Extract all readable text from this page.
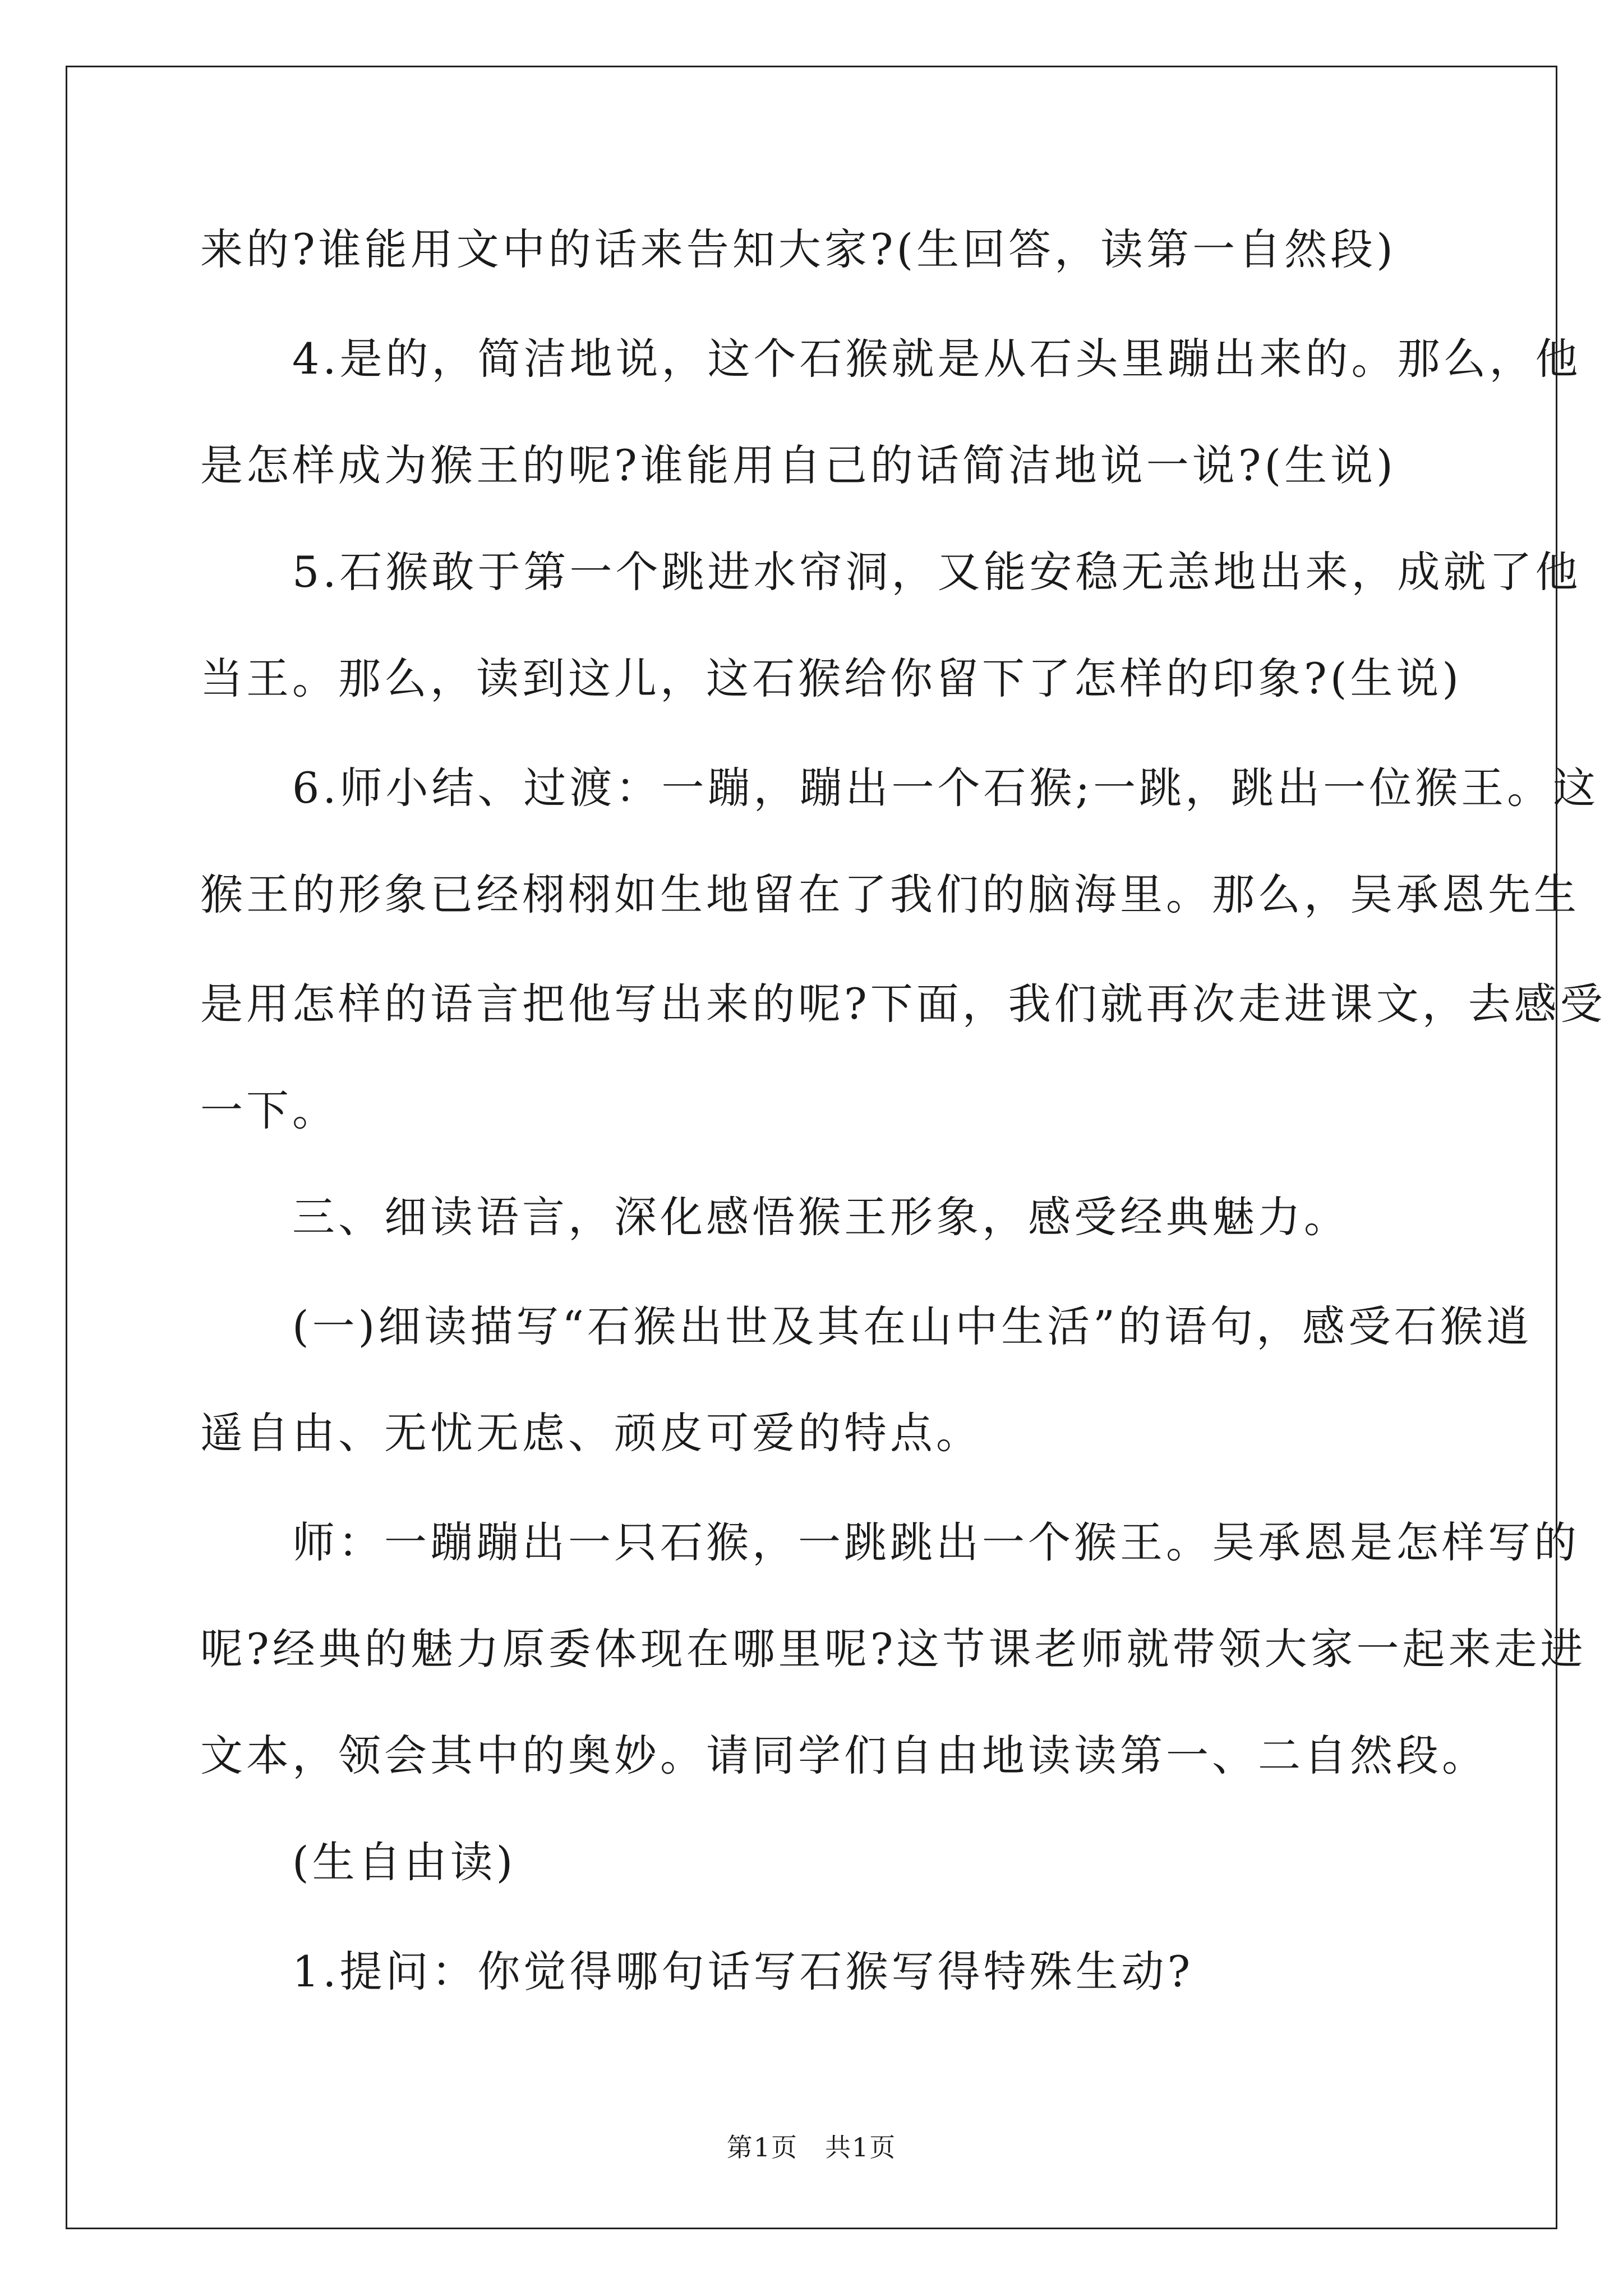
来的?谁能用文中的话来告知大家?(生回答，读第一自然段)
　　4.是的，简洁地说，这个石猴就是从石头里蹦出来的。那么，他
是怎样成为猴王的呢?谁能用自己的话简洁地说一说?(生说)
　　5.石猴敢于第一个跳进水帘洞，又能安稳无恙地出来，成就了他
当王。那么，读到这儿，这石猴给你留下了怎样的印象?(生说)
　　6.师小结、过渡：一蹦，蹦出一个石猴;一跳，跳出一位猴王。这
猴王的形象已经栩栩如生地留在了我们的脑海里。那么，吴承恩先生
是用怎样的语言把他写出来的呢?下面，我们就再次走进课文，去感受
一下。
　　三、细读语言，深化感悟猴王形象，感受经典魅力。
　　(一)细读描写“石猴出世及其在山中生活”的语句，感受石猴逍
遥自由、无忧无虑、顽皮可爱的特点。
　　师：一蹦蹦出一只石猴，一跳跳出一个猴王。吴承恩是怎样写的
呢?经典的魅力原委体现在哪里呢?这节课老师就带领大家一起来走进
文本，领会其中的奥妙。请同学们自由地读读第一、二自然段。
　　(生自由读)
　　1.提问：你觉得哪句话写石猴写得特殊生动?
第1页　共1页
